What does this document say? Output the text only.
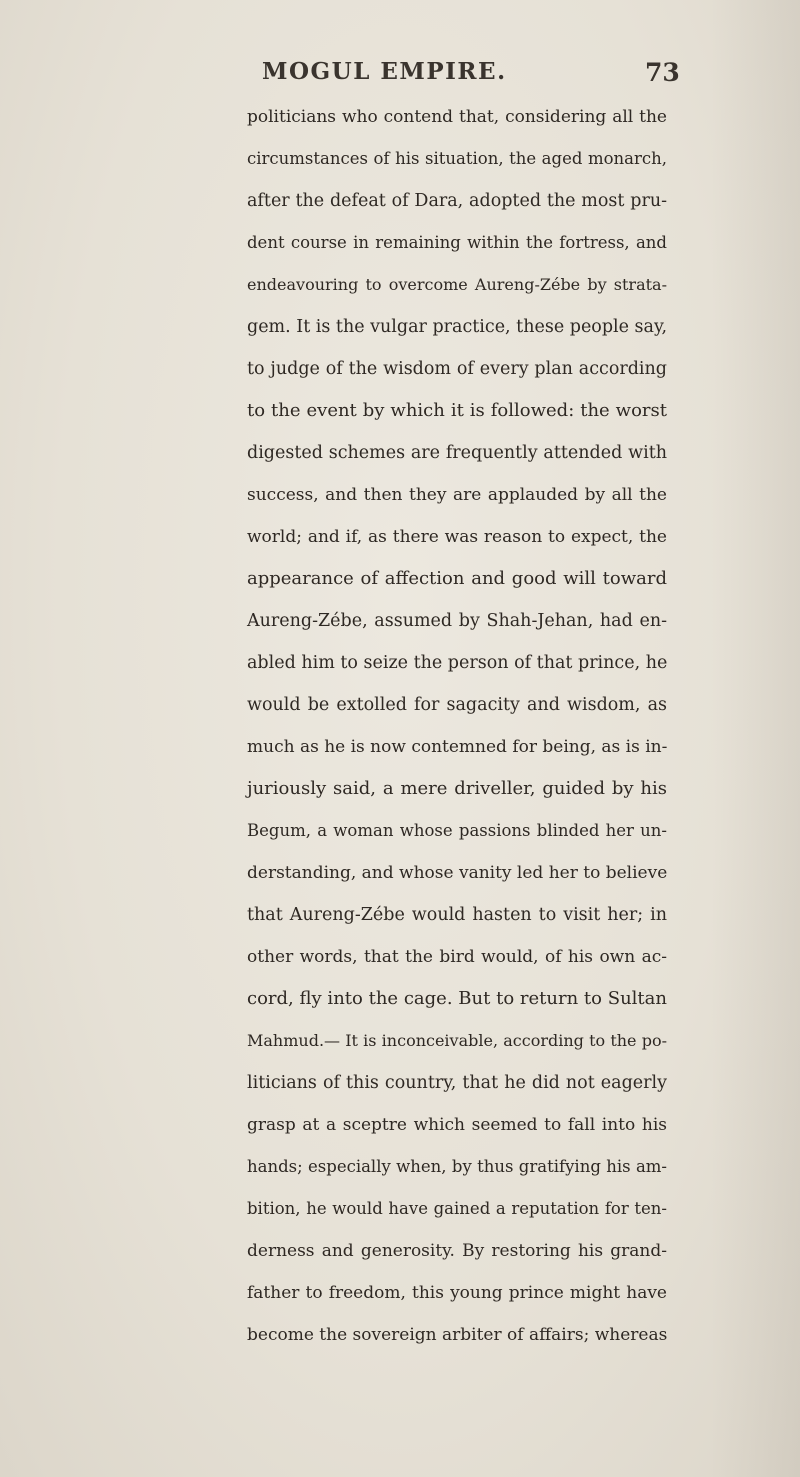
MOGUL EMPIRE.	73
politicians who contend that, considering all the
circumstances of his situation, the aged monarch,
after the defeat of Dara, adopted the most pru-
dent course in remaining within the fortress, and
endeavouring to overcome Aureng-Zébe by strata-
gem. It is the vulgar practice, these people say,
to judge of the wisdom of every plan according
to the event by which it is followed: the worst
digested schemes are frequently attended with
success, and then they are applauded by all the
world; and if, as there was reason to expect, the
appearance of affection and good will toward
Aureng-Zébe, assumed by Shah-Jehan, had en-
abled him to seize the person of that prince, he
would be extolled for sagacity and wisdom, as
much as he is now contemned for being, as is in-
juriously said, a mere driveller, guided by his
Begum, a woman whose passions blinded her un-
derstanding, and whose vanity led her to believe
that Aureng-Zébe would hasten to visit her; in
other words, that the bird would, of his own ac-
cord, fly into the cage. But to return to Sultan
Mahmud.— It is inconceivable, according to the po-
liticians of this country, that he did not eagerly
grasp at a sceptre which seemed to fall into his
hands; especially when, by thus gratifying his am-
bition, he would have gained a reputation for ten-
derness and generosity. By restoring his grand-
father to freedom, this young prince might have
become the sovereign arbiter of affairs; whereas
